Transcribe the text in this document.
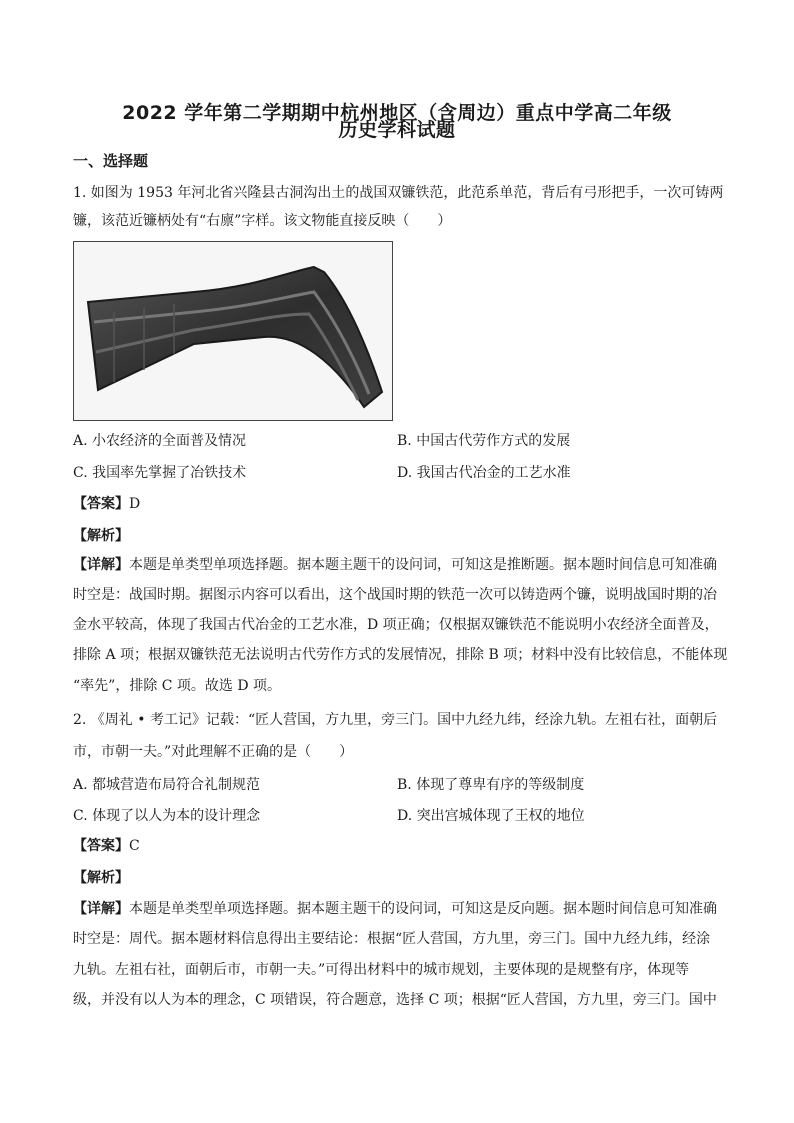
2022 学年第二学期期中杭州地区（含周边）重点中学高二年级
历史学科试题
一、选择题
1. 如图为 1953 年河北省兴隆县古洞沟出土的战国双镰铁范，此范系单范，背后有弓形把手，一次可铸两
镰，该范近镰柄处有“右廪”字样。该文物能直接反映（　　）
A. 小农经济的全面普及情况	B. 中国古代劳作方式的发展
C. 我国率先掌握了冶铁技术	D. 我国古代冶金的工艺水准
【答案】D
【解析】
【详解】本题是单类型单项选择题。据本题主题干的设问词，可知这是推断题。据本题时间信息可知准确
时空是：战国时期。据图示内容可以看出，这个战国时期的铁范一次可以铸造两个镰，说明战国时期的冶
金水平较高，体现了我国古代冶金的工艺水准，D 项正确；仅根据双镰铁范不能说明小农经济全面普及，
排除 A 项；根据双镰铁范无法说明古代劳作方式的发展情况，排除 B 项；材料中没有比较信息，不能体现
“率先”，排除 C 项。故选 D 项。
2. 《周礼 • 考工记》记载：“匠人营国，方九里，旁三门。国中九经九纬，经涂九轨。左祖右社，面朝后
市，市朝一夫。”对此理解不正确的是（　　）
A. 都城营造布局符合礼制规范	B. 体现了尊卑有序的等级制度
C. 体现了以人为本的设计理念	D. 突出宫城体现了王权的地位
【答案】C
【解析】
【详解】本题是单类型单项选择题。据本题主题干的设问词，可知这是反向题。据本题时间信息可知准确
时空是：周代。据本题材料信息得出主要结论：根据“匠人营国，方九里，旁三门。国中九经九纬，经涂
九轨。左祖右社，面朝后市，市朝一夫。”可得出材料中的城市规划，主要体现的是规整有序，体现等
级，并没有以人为本的理念，C 项错误，符合题意，选择 C 项；根据“匠人营国，方九里，旁三门。国中
